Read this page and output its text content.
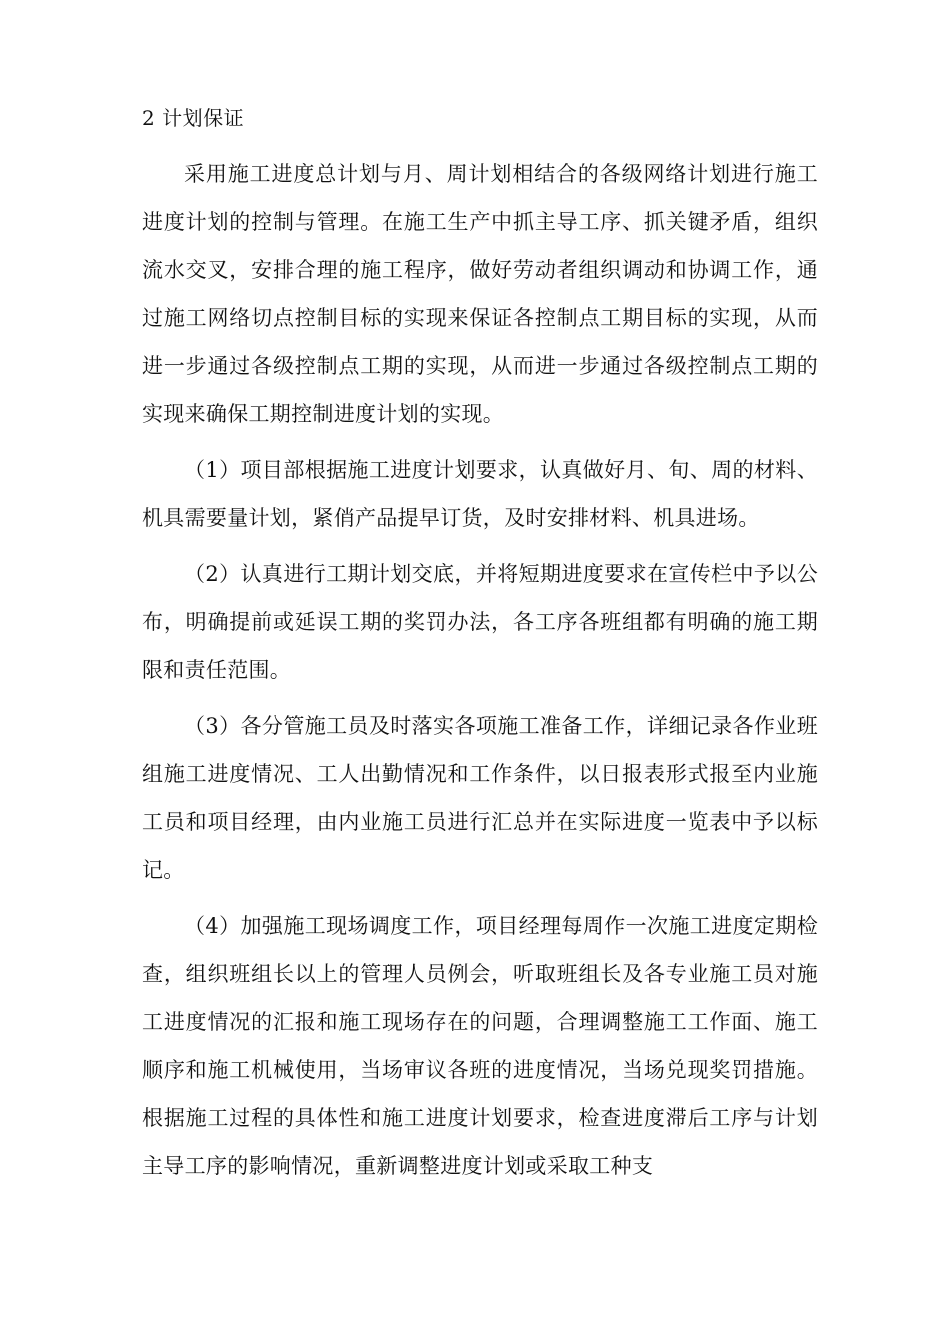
2 计划保证

采用施工进度总计划与月、周计划相结合的各级网络计划进行施工进度计划的控制与管理。在施工生产中抓主导工序、抓关键矛盾，组织流水交叉，安排合理的施工程序，做好劳动者组织调动和协调工作，通过施工网络切点控制目标的实现来保证各控制点工期目标的实现，从而进一步通过各级控制点工期的实现，从而进一步通过各级控制点工期的实现来确保工期控制进度计划的实现。

（1）项目部根据施工进度计划要求，认真做好月、旬、周的材料、机具需要量计划，紧俏产品提早订货，及时安排材料、机具进场。

（2）认真进行工期计划交底，并将短期进度要求在宣传栏中予以公布，明确提前或延误工期的奖罚办法，各工序各班组都有明确的施工期限和责任范围。

（3）各分管施工员及时落实各项施工准备工作，详细记录各作业班组施工进度情况、工人出勤情况和工作条件，以日报表形式报至内业施工员和项目经理，由内业施工员进行汇总并在实际进度一览表中予以标记。

（4）加强施工现场调度工作，项目经理每周作一次施工进度定期检查，组织班组长以上的管理人员例会，听取班组长及各专业施工员对施工进度情况的汇报和施工现场存在的问题，合理调整施工工作面、施工顺序和施工机械使用，当场审议各班的进度情况，当场兑现奖罚措施。根据施工过程的具体性和施工进度计划要求，检查进度滞后工序与计划主导工序的影响情况，重新调整进度计划或采取工种支
